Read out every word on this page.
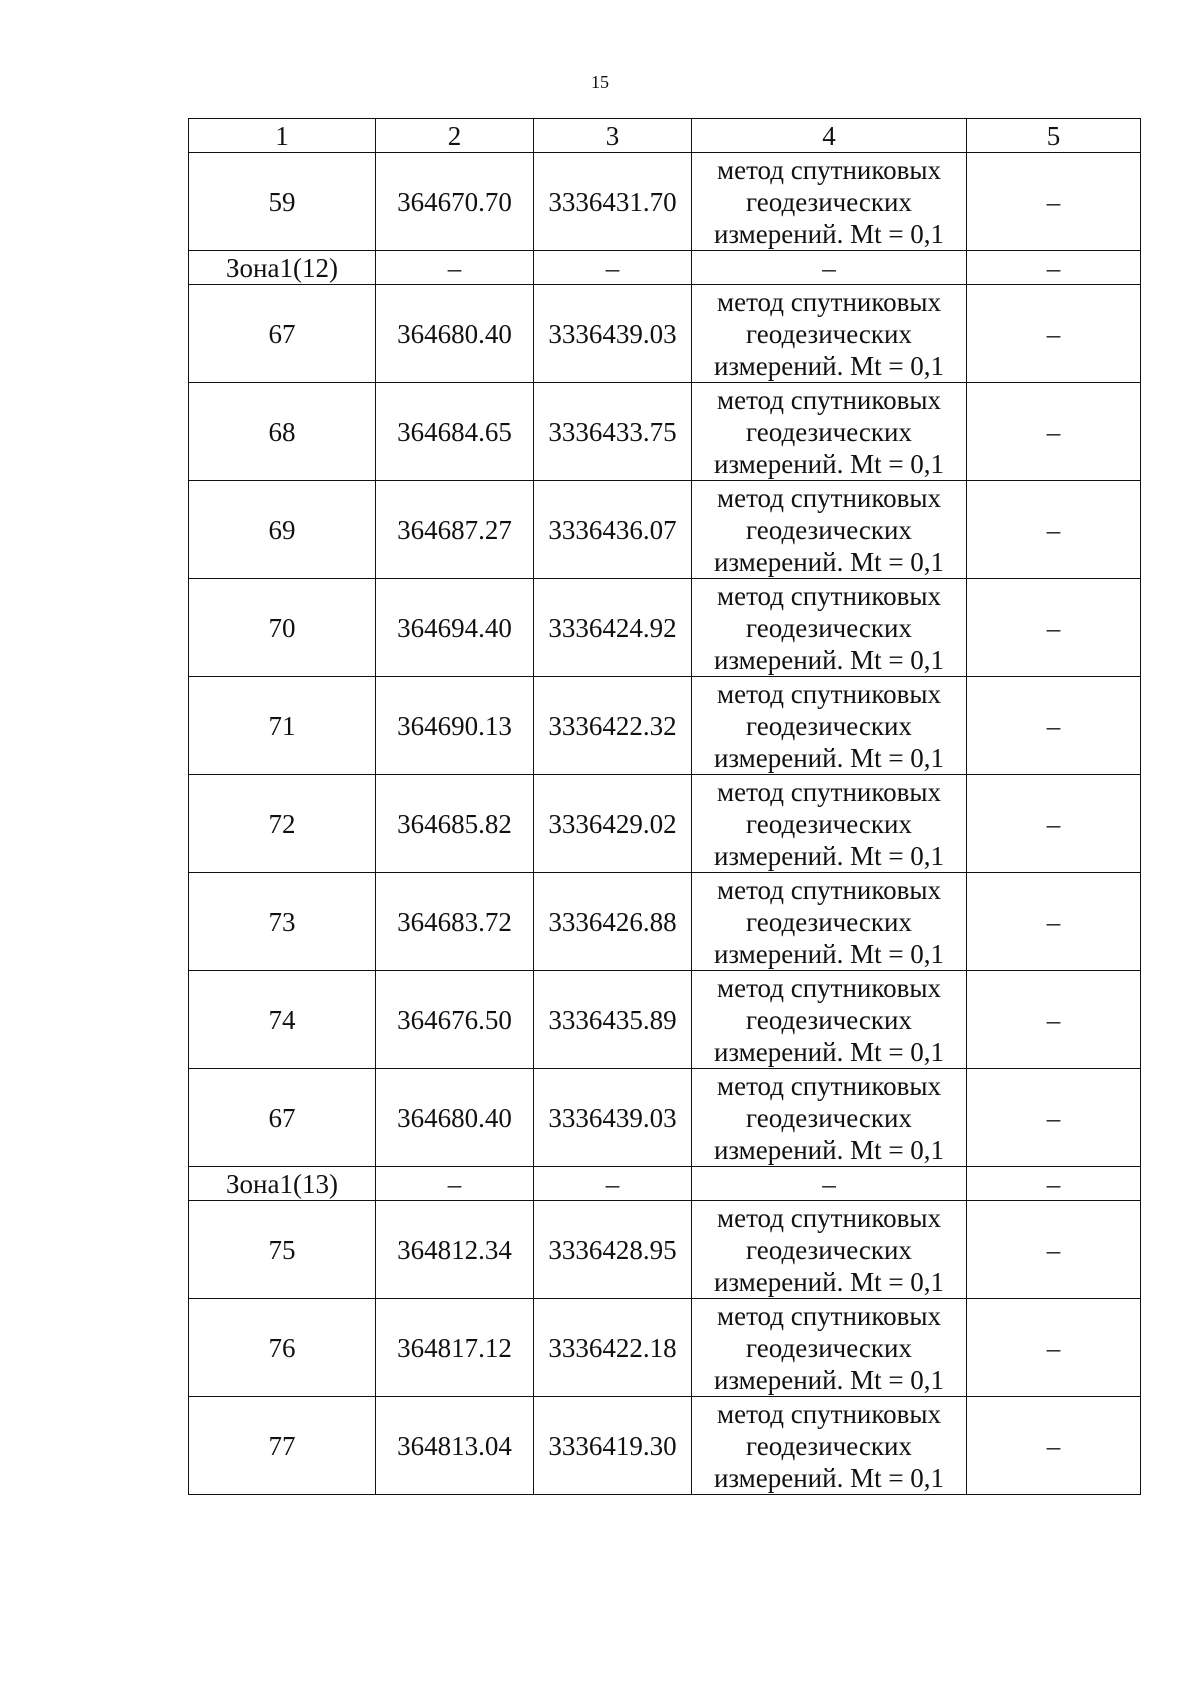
15
1	2	3	4	5
59	364670.70	3336431.70	метод спутниковых геодезических измерений. Mt = 0,1	–
Зона1(12)	–	–	–	–
67	364680.40	3336439.03	метод спутниковых геодезических измерений. Mt = 0,1	–
68	364684.65	3336433.75	метод спутниковых геодезических измерений. Mt = 0,1	–
69	364687.27	3336436.07	метод спутниковых геодезических измерений. Mt = 0,1	–
70	364694.40	3336424.92	метод спутниковых геодезических измерений. Mt = 0,1	–
71	364690.13	3336422.32	метод спутниковых геодезических измерений. Mt = 0,1	–
72	364685.82	3336429.02	метод спутниковых геодезических измерений. Mt = 0,1	–
73	364683.72	3336426.88	метод спутниковых геодезических измерений. Mt = 0,1	–
74	364676.50	3336435.89	метод спутниковых геодезических измерений. Mt = 0,1	–
67	364680.40	3336439.03	метод спутниковых геодезических измерений. Mt = 0,1	–
Зона1(13)	–	–	–	–
75	364812.34	3336428.95	метод спутниковых геодезических измерений. Mt = 0,1	–
76	364817.12	3336422.18	метод спутниковых геодезических измерений. Mt = 0,1	–
77	364813.04	3336419.30	метод спутниковых геодезических измерений. Mt = 0,1	–
